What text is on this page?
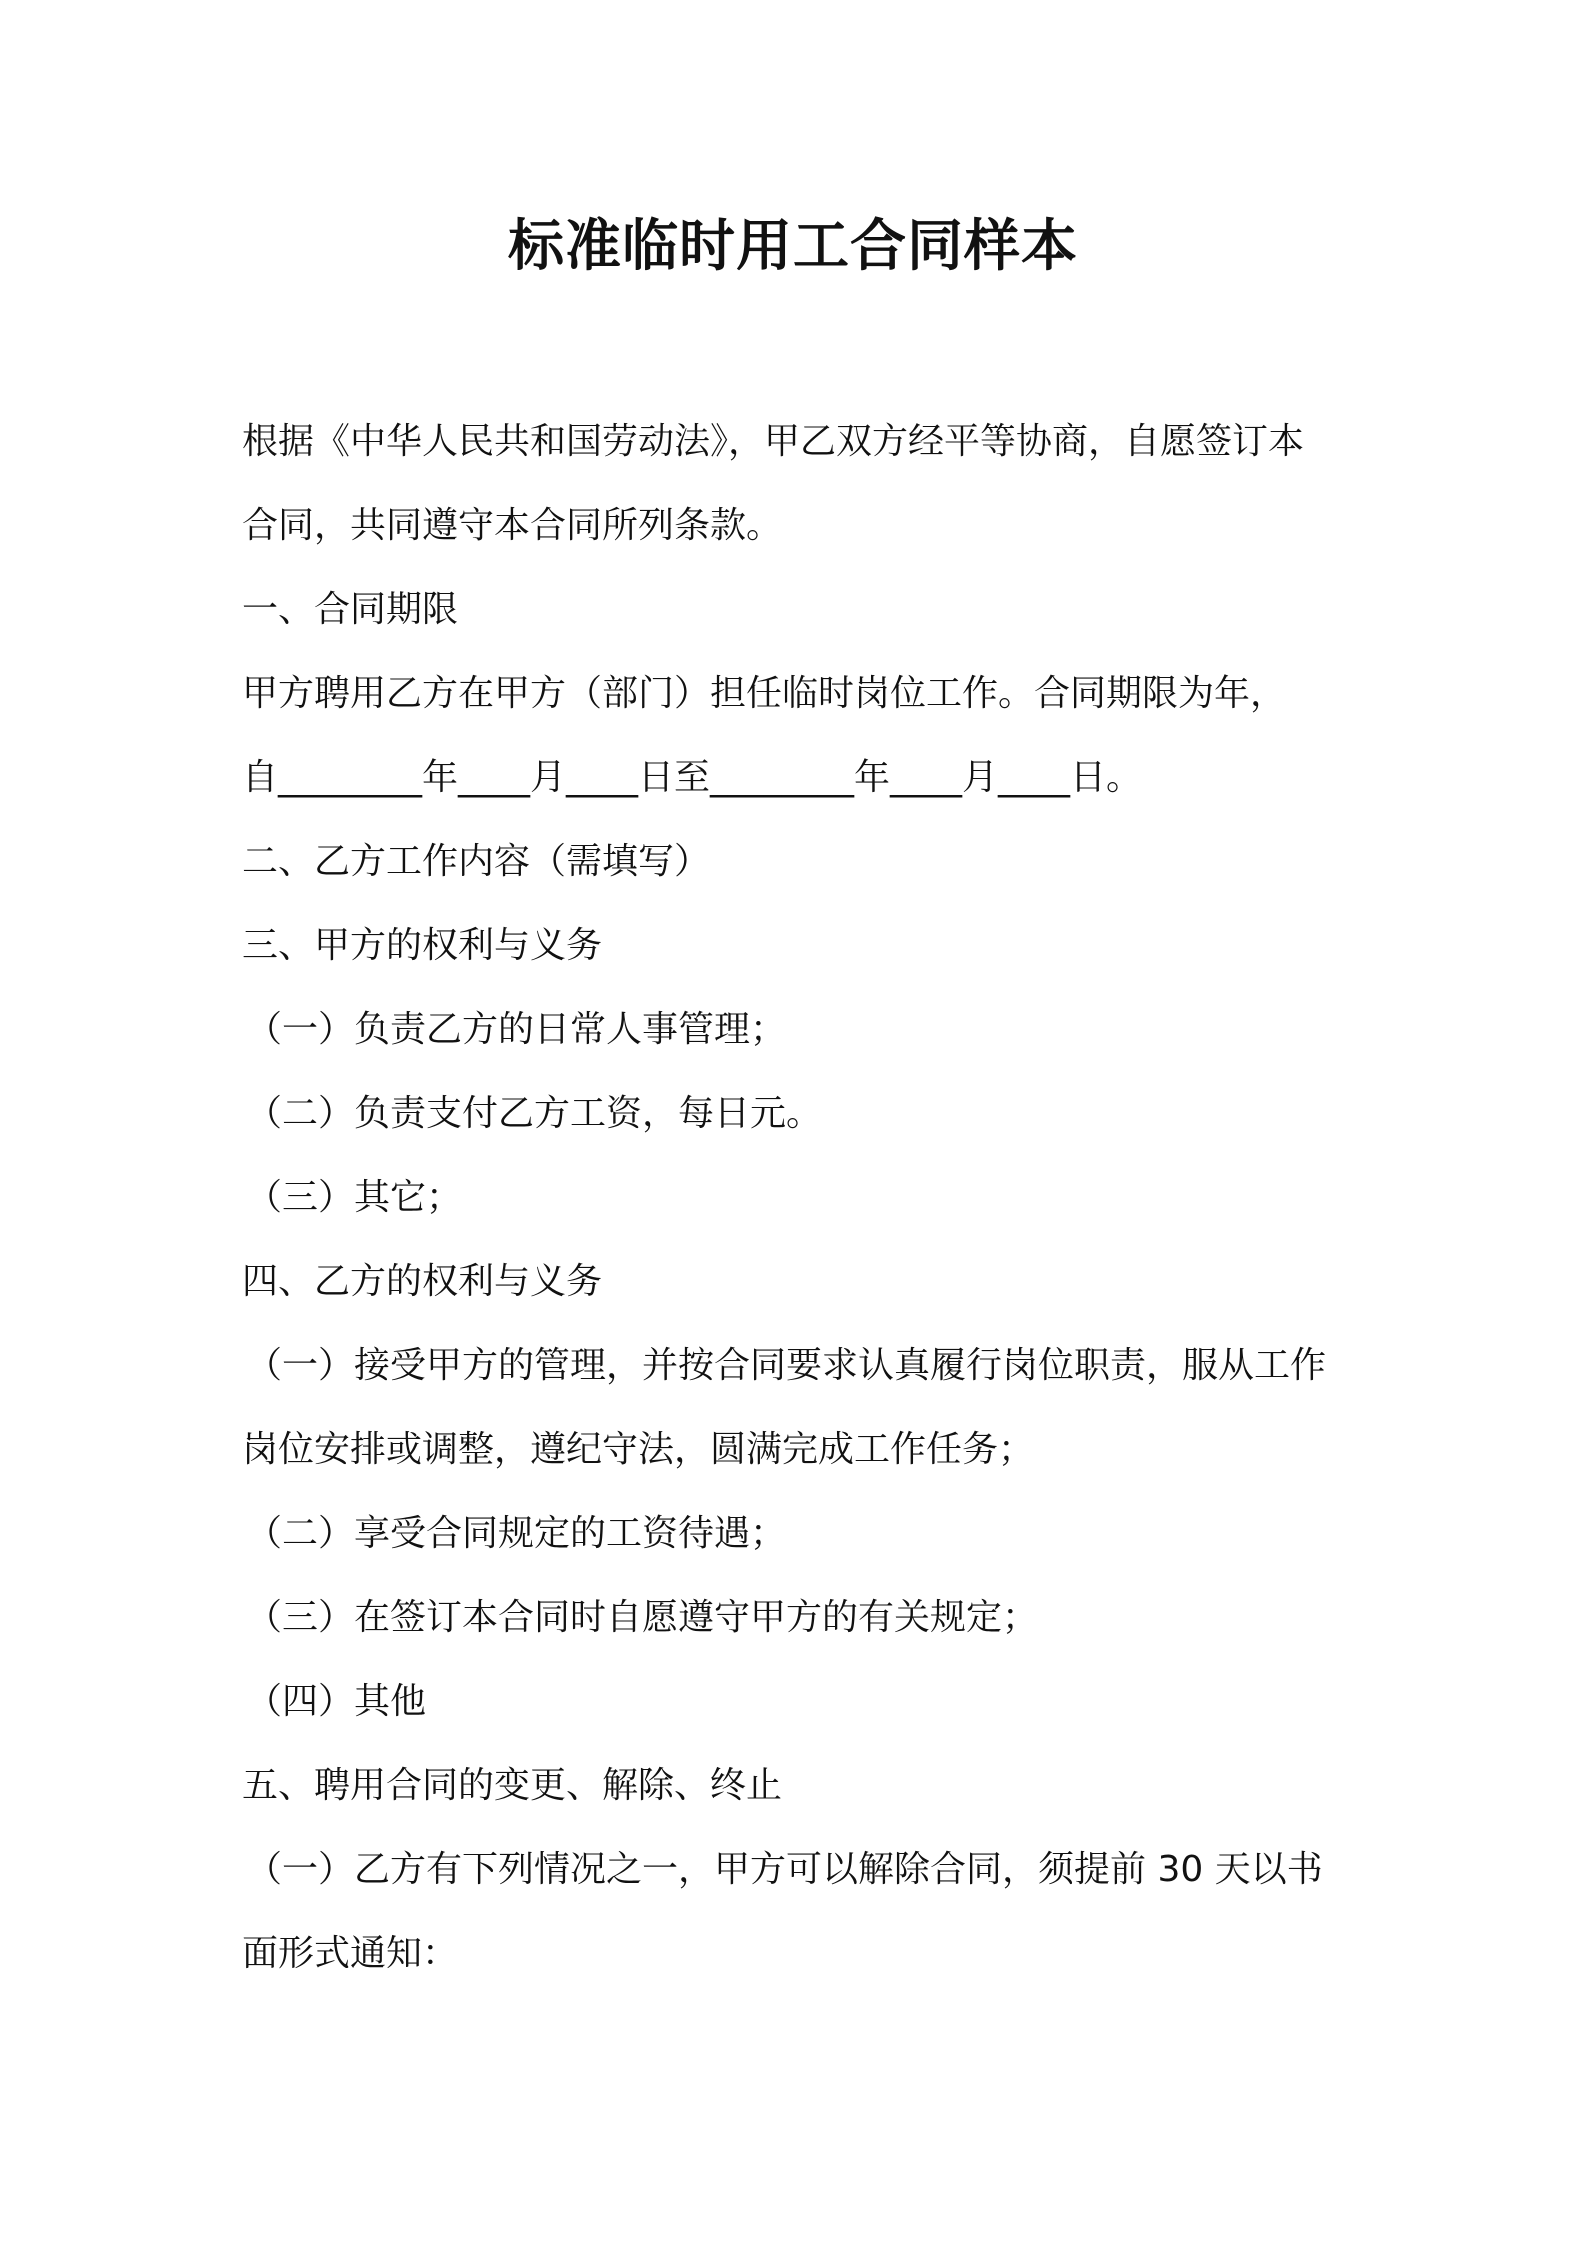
标准临时用工合同样本
根据《中华人民共和国劳动法》，甲乙双方经平等协商，自愿签订本
合同，共同遵守本合同所列条款。
一、合同期限
甲方聘用乙方在甲方（部门）担任临时岗位工作。合同期限为年，
自________年____月____日至________年____月____日。
二、乙方工作内容（需填写）
三、甲方的权利与义务
（一）负责乙方的日常人事管理；
（二）负责支付乙方工资，每日元。
（三）其它；
四、乙方的权利与义务
（一）接受甲方的管理，并按合同要求认真履行岗位职责，服从工作
岗位安排或调整，遵纪守法，圆满完成工作任务；
（二）享受合同规定的工资待遇；
（三）在签订本合同时自愿遵守甲方的有关规定；
（四）其他
五、聘用合同的变更、解除、终止
（一）乙方有下列情况之一，甲方可以解除合同，须提前 30 天以书
面形式通知：
